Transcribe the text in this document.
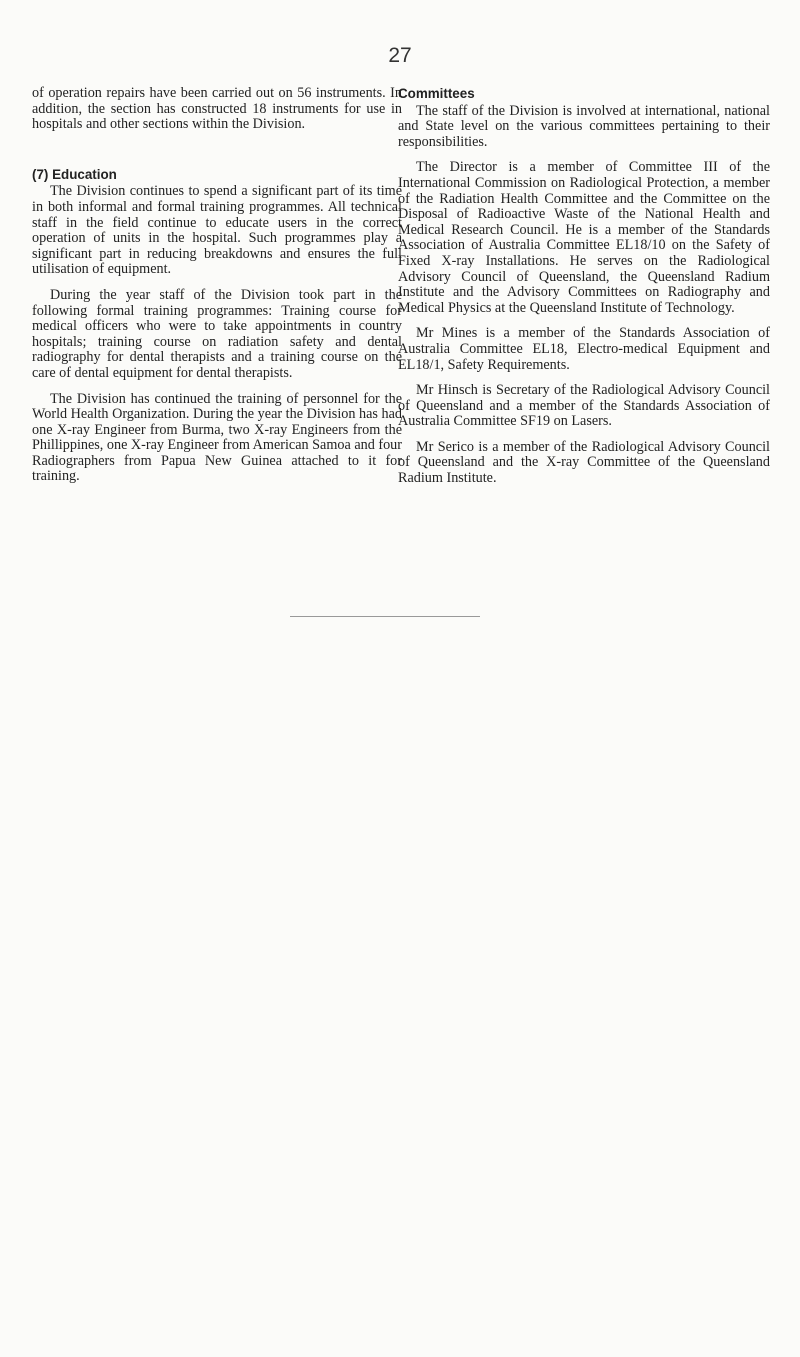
27

of operation repairs have been carried out on 56 instruments. In addition, the section has constructed 18 instruments for use in hospitals and other sections within the Division.

(7) Education

The Division continues to spend a significant part of its time in both informal and formal training programmes. All technical staff in the field continue to educate users in the correct operation of units in the hospital. Such programmes play a significant part in reducing breakdowns and ensures the full utilisation of equipment.

During the year staff of the Division took part in the following formal training programmes: Training course for medical officers who were to take appointments in country hospitals; training course on radiation safety and dental radiography for dental therapists and a training course on the care of dental equipment for dental therapists.

The Division has continued the training of personnel for the World Health Organization. During the year the Division has had one X-ray Engineer from Burma, two X-ray Engineers from the Phillippines, one X-ray Engineer from American Samoa and four Radiographers from Papua New Guinea attached to it for training.

Committees

The staff of the Division is involved at international, national and State level on the various committees pertaining to their responsibilities.

The Director is a member of Committee III of the International Commission on Radiological Protection, a member of the Radiation Health Committee and the Committee on the Disposal of Radioactive Waste of the National Health and Medical Research Council. He is a member of the Standards Association of Australia Committee EL18/10 on the Safety of Fixed X-ray Installations. He serves on the Radiological Advisory Council of Queensland, the Queensland Radium Institute and the Advisory Committees on Radiography and Medical Physics at the Queensland Institute of Technology.

Mr Mines is a member of the Standards Association of Australia Committee EL18, Electro-medical Equipment and EL18/1, Safety Requirements.

Mr Hinsch is Secretary of the Radiological Advisory Council of Queensland and a member of the Standards Association of Australia Committee SF19 on Lasers.

Mr Serico is a member of the Radiological Advisory Council of Queensland and the X-ray Committee of the Queensland Radium Institute.
